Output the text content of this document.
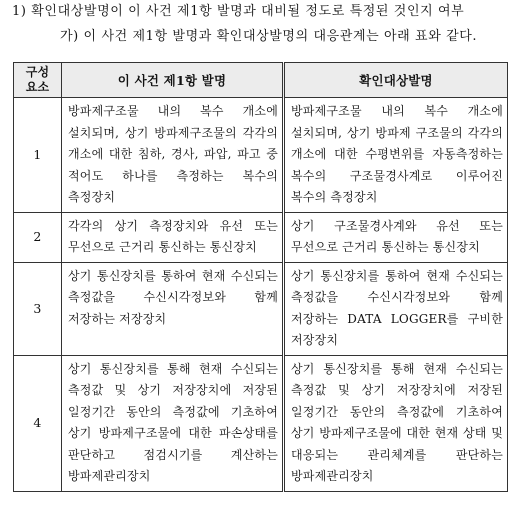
1) 확인대상발명이 이 사건 제1항 발명과 대비될 정도로 특정된 것인지 여부
가) 이 사건 제1항 발명과 확인대상발명의 대응관계는 아래 표와 같다.
구성
요소	이 사건 제1항 발명	확인대상발명
1	방파제구조물 내의 복수 개소에 설치되며, 상기 방파제구조물의 각각의 개소에 대한 침하, 경사, 파압, 파고 중 적어도 하나를 측정하는 복수의 측정장치	방파제구조물 내의 복수 개소에 설치되며, 상기 방파제 구조물의 각각의 개소에 대한 수평변위를 자동측정하는 복수의 구조물경사계로 이루어진 복수의 측정장치

2	각각의 상기 측정장치와 유선 또는 무선으로 근거리 통신하는 통신장치	상기 구조물경사계와 유선 또는 무선으로 근거리 통신하는 통신장치

3	상기 통신장치를 통하여 현재 수신되는 측정값을 수신시각정보와 함께 저장하는 저장장치	상기 통신장치를 통하여 현재 수신되는 측정값을 수신시각정보와 함께 저장하는 DATA LOGGER를 구비한 저장장치

4	상기 통신장치를 통해 현재 수신되는 측정값 및 상기 저장장치에 저장된 일정기간 동안의 측정값에 기초하여 상기 방파제구조물에 대한 파손상태를 판단하고 점검시기를 계산하는 방파제관리장치	상기 통신장치를 통해 현재 수신되는 측정값 및 상기 저장장치에 저장된 일정기간 동안의 측정값에 기초하여 상기 방파제구조물에 대한 현재 상태 및 대응되는 관리체계를 판단하는 방파제관리장치
